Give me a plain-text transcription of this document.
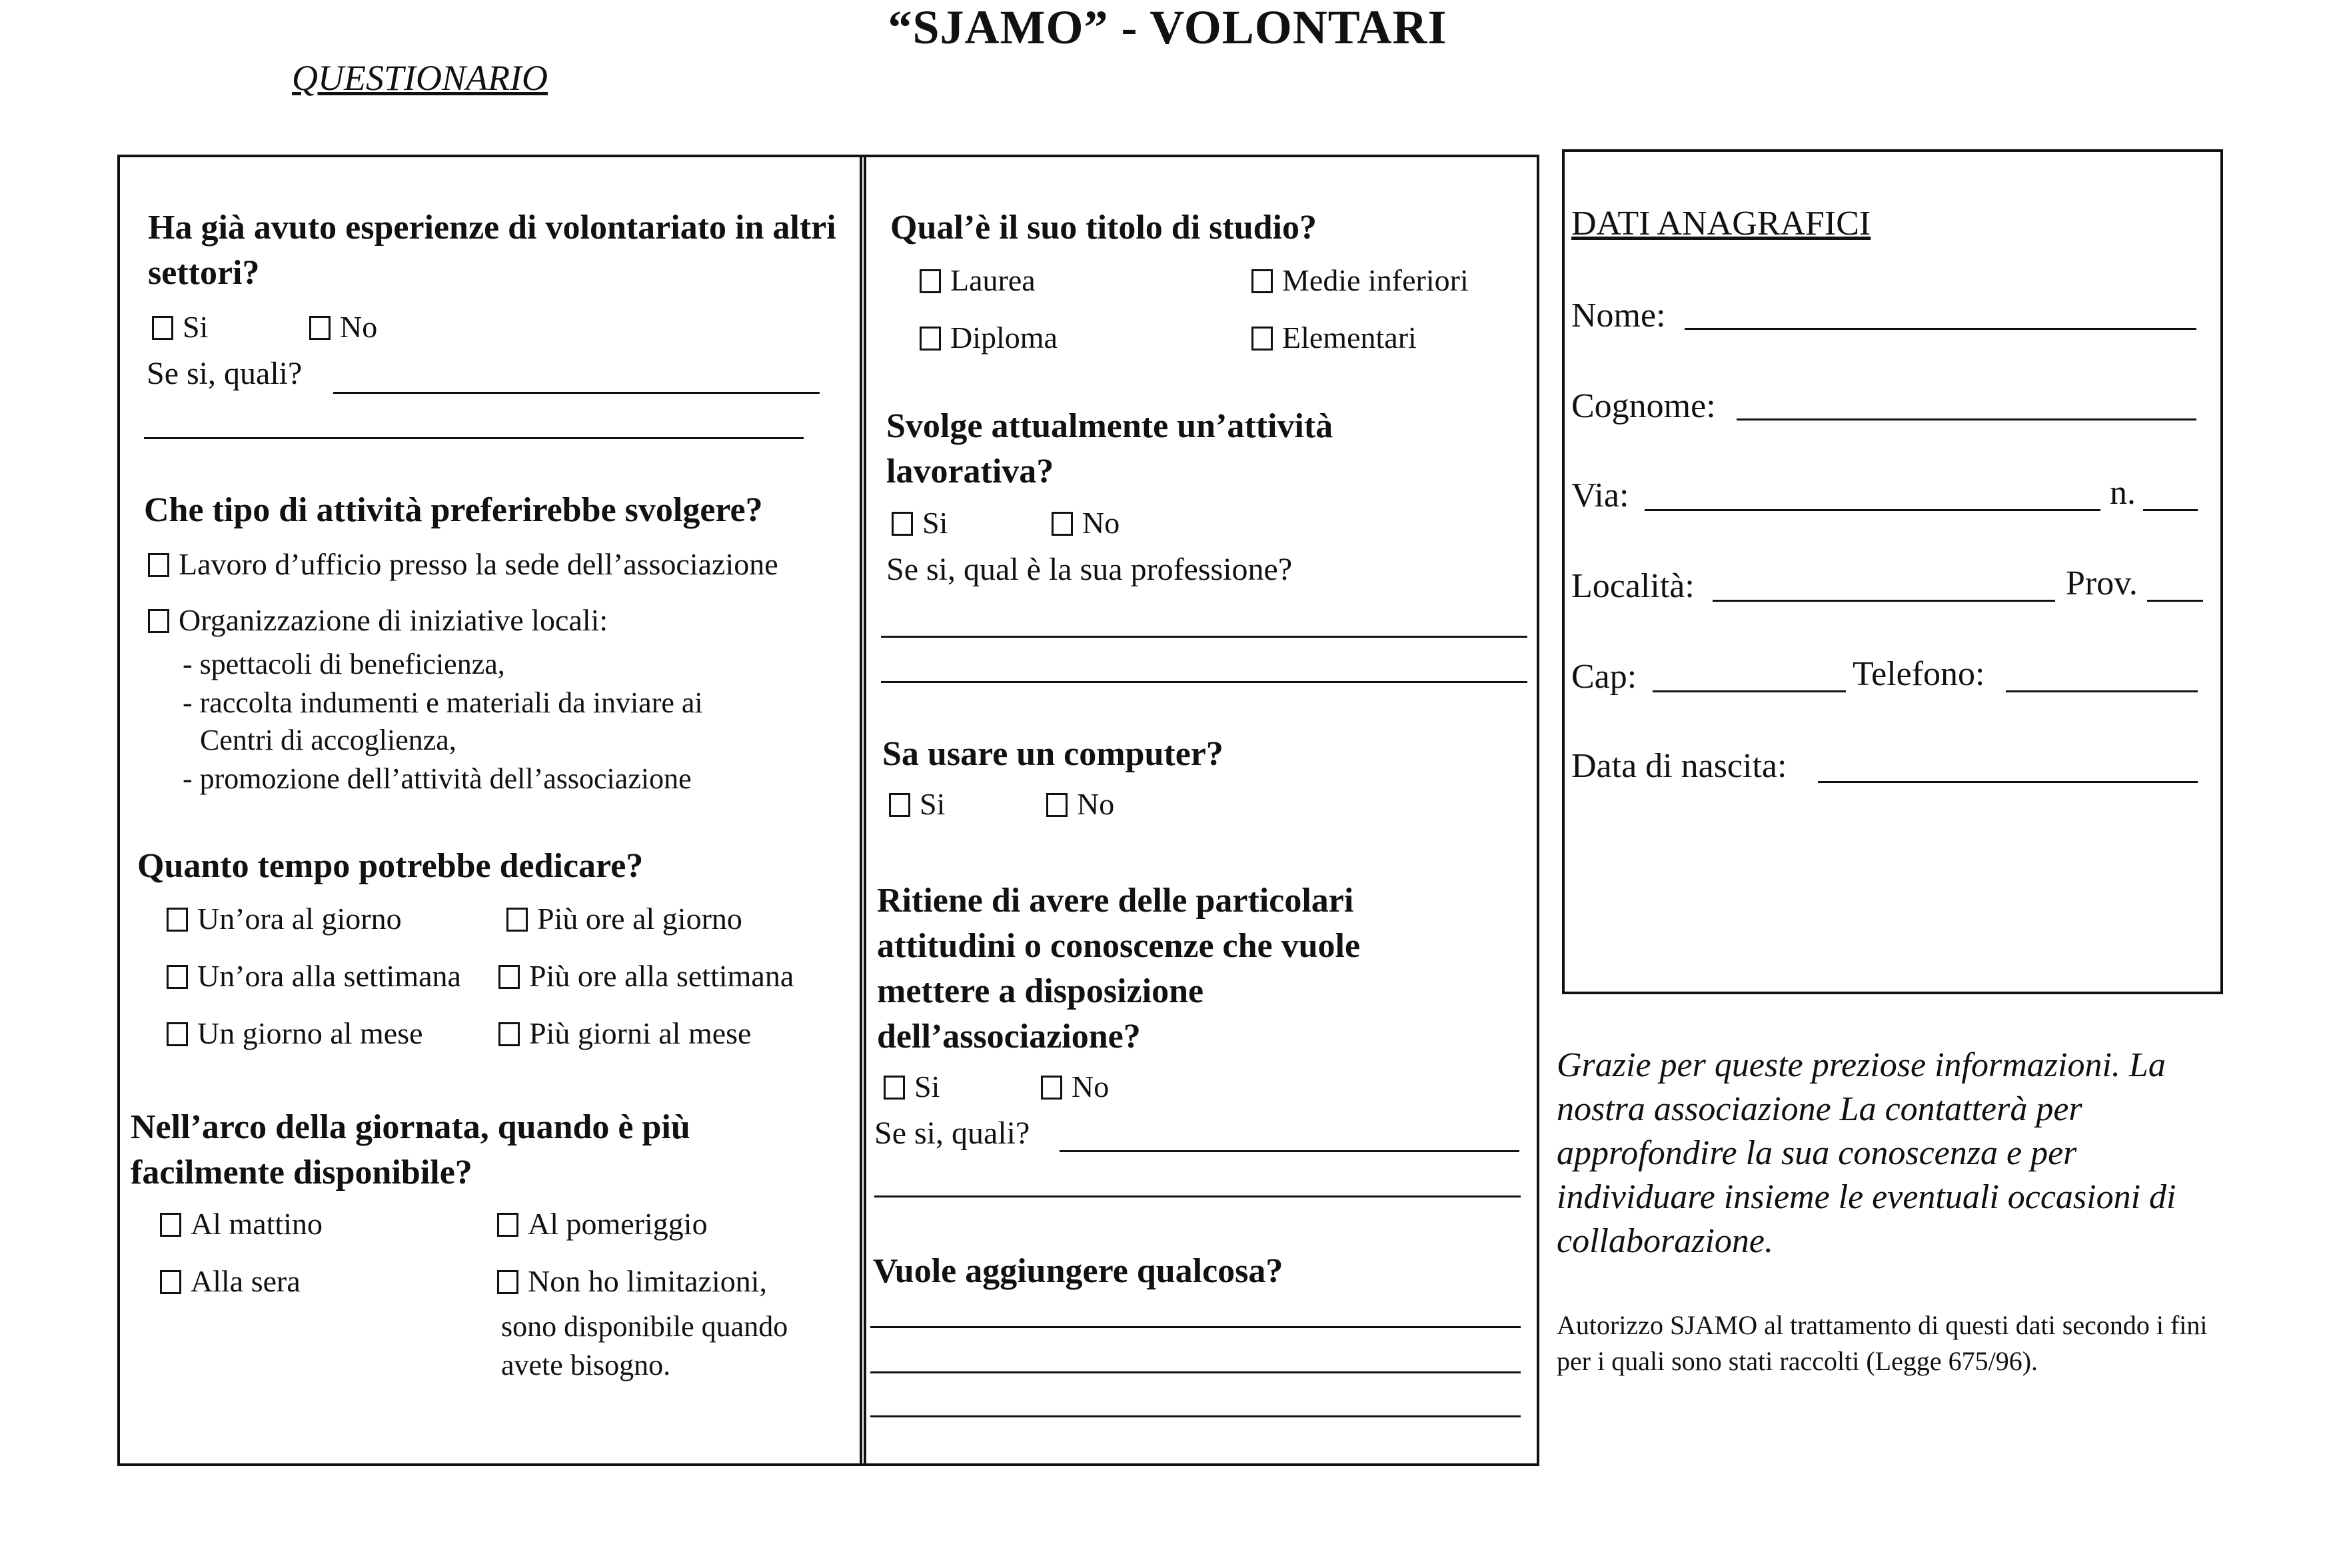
“SJAMO” - VOLONTARI
QUESTIONARIO
Ha già avuto esperienze di volontariato in altri settori?
Si	No
Se si, quali?
Che tipo di attività preferirebbe svolgere?
Lavoro d’ufficio presso la sede dell’associazione
Organizzazione di iniziative locali:
- spettacoli di beneficienza,
- raccolta indumenti e materiali da inviare ai
Centri di accoglienza,
- promozione dell’attività dell’associazione
Quanto tempo potrebbe dedicare?
Un’ora al giorno	Più ore al giorno
Un’ora alla settimana	Più ore alla settimana
Un giorno al mese	Più giorni al mese
Nell’arco della giornata, quando è più facilmente disponibile?
Al mattino	Al pomeriggio
Alla sera	Non ho limitazioni,
sono disponibile quando
avete bisogno.
Qual’è il suo titolo di studio?
Laurea	Medie inferiori
Diploma	Elementari
Svolge attualmente un’attività lavorativa?
Si	No
Se si, qual è la sua professione?
Sa usare un computer?
Si	No
Ritiene di avere delle particolari attitudini o conoscenze che vuole mettere a disposizione dell’associazione?
Si	No
Se si, quali?
Vuole aggiungere qualcosa?
DATI ANAGRAFICI
Nome:
Cognome:
Via:	n.
Località:	Prov.
Cap:	Telefono:
Data di nascita:
Grazie per queste preziose informazioni. La nostra associazione La contatterà per approfondire la sua conoscenza e per individuare insieme le eventuali occasioni di collaborazione.
Autorizzo SJAMO al trattamento di questi dati secondo i fini per i quali sono stati raccolti (Legge 675/96).
